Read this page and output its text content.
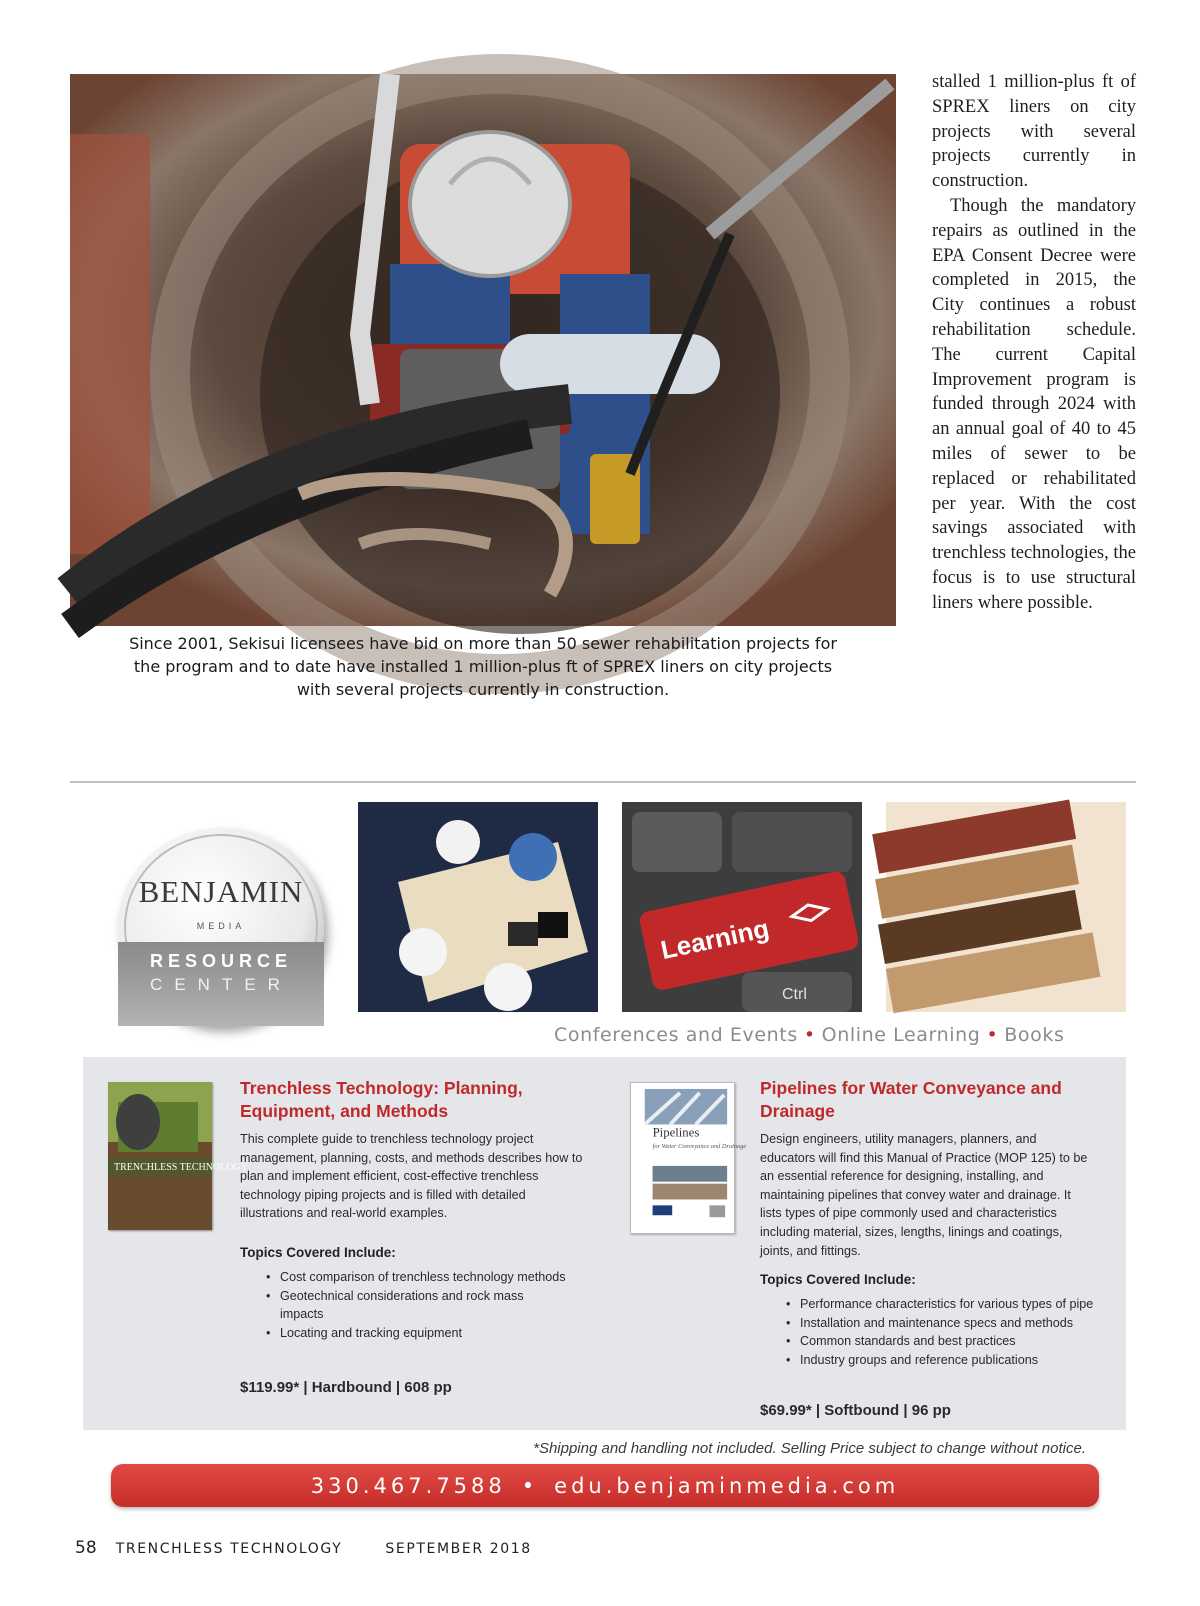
Since 2001, Sekisui licensees have bid on more than 50 sewer rehabilitation projects for the program and to date have installed 1 million-plus ft of SPREX liners on city projects with several projects currently in construction.

stalled 1 million-plus ft of SPREX liners on city projects with several projects currently in construction.

Though the mandatory repairs as outlined in the EPA Consent Decree were completed in 2015, the City continues a robust rehabilitation schedule. The current Capital Improvement program is funded through 2024 with an annual goal of 40 to 45 miles of sewer to be replaced or rehabilitated per year. With the cost savings associated with trenchless technologies, the focus is to use structural liners where possible.

BENJAMIN
MEDIA
RESOURCE
CENTER
Learning
Ctrl
Conferences and Events • Online Learning • Books
TRENCHLESS TECHNOLOGY
Trenchless Technology: Planning, Equipment, and Methods
This complete guide to trenchless technology project management, planning, costs, and methods describes how to plan and implement efficient, cost-effective trenchless technology piping projects and is filled with detailed illustrations and real-world examples.
Topics Covered Include:
• Cost comparison of trenchless technology methods
• Geotechnical considerations and rock mass impacts
• Locating and tracking equipment
$119.99* | Hardbound | 608 pp
Pipelines
for Water Conveyance and Drainage
Pipelines for Water Conveyance and Drainage
Design engineers, utility managers, planners, and educators will find this Manual of Practice (MOP 125) to be an essential reference for designing, installing, and maintaining pipelines that convey water and drainage. It lists types of pipe commonly used and characteristics including material, sizes, lengths, linings and coatings, joints, and fittings.
Topics Covered Include:
• Performance characteristics for various types of pipe
• Installation and maintenance specs and methods
• Common standards and best practices
• Industry groups and reference publications
$69.99* | Softbound | 96 pp
*Shipping and handling not included. Selling Price subject to change without notice.
330.467.7588 • edu.benjaminmedia.com
58 TRENCHLESS TECHNOLOGY	SEPTEMBER 2018
